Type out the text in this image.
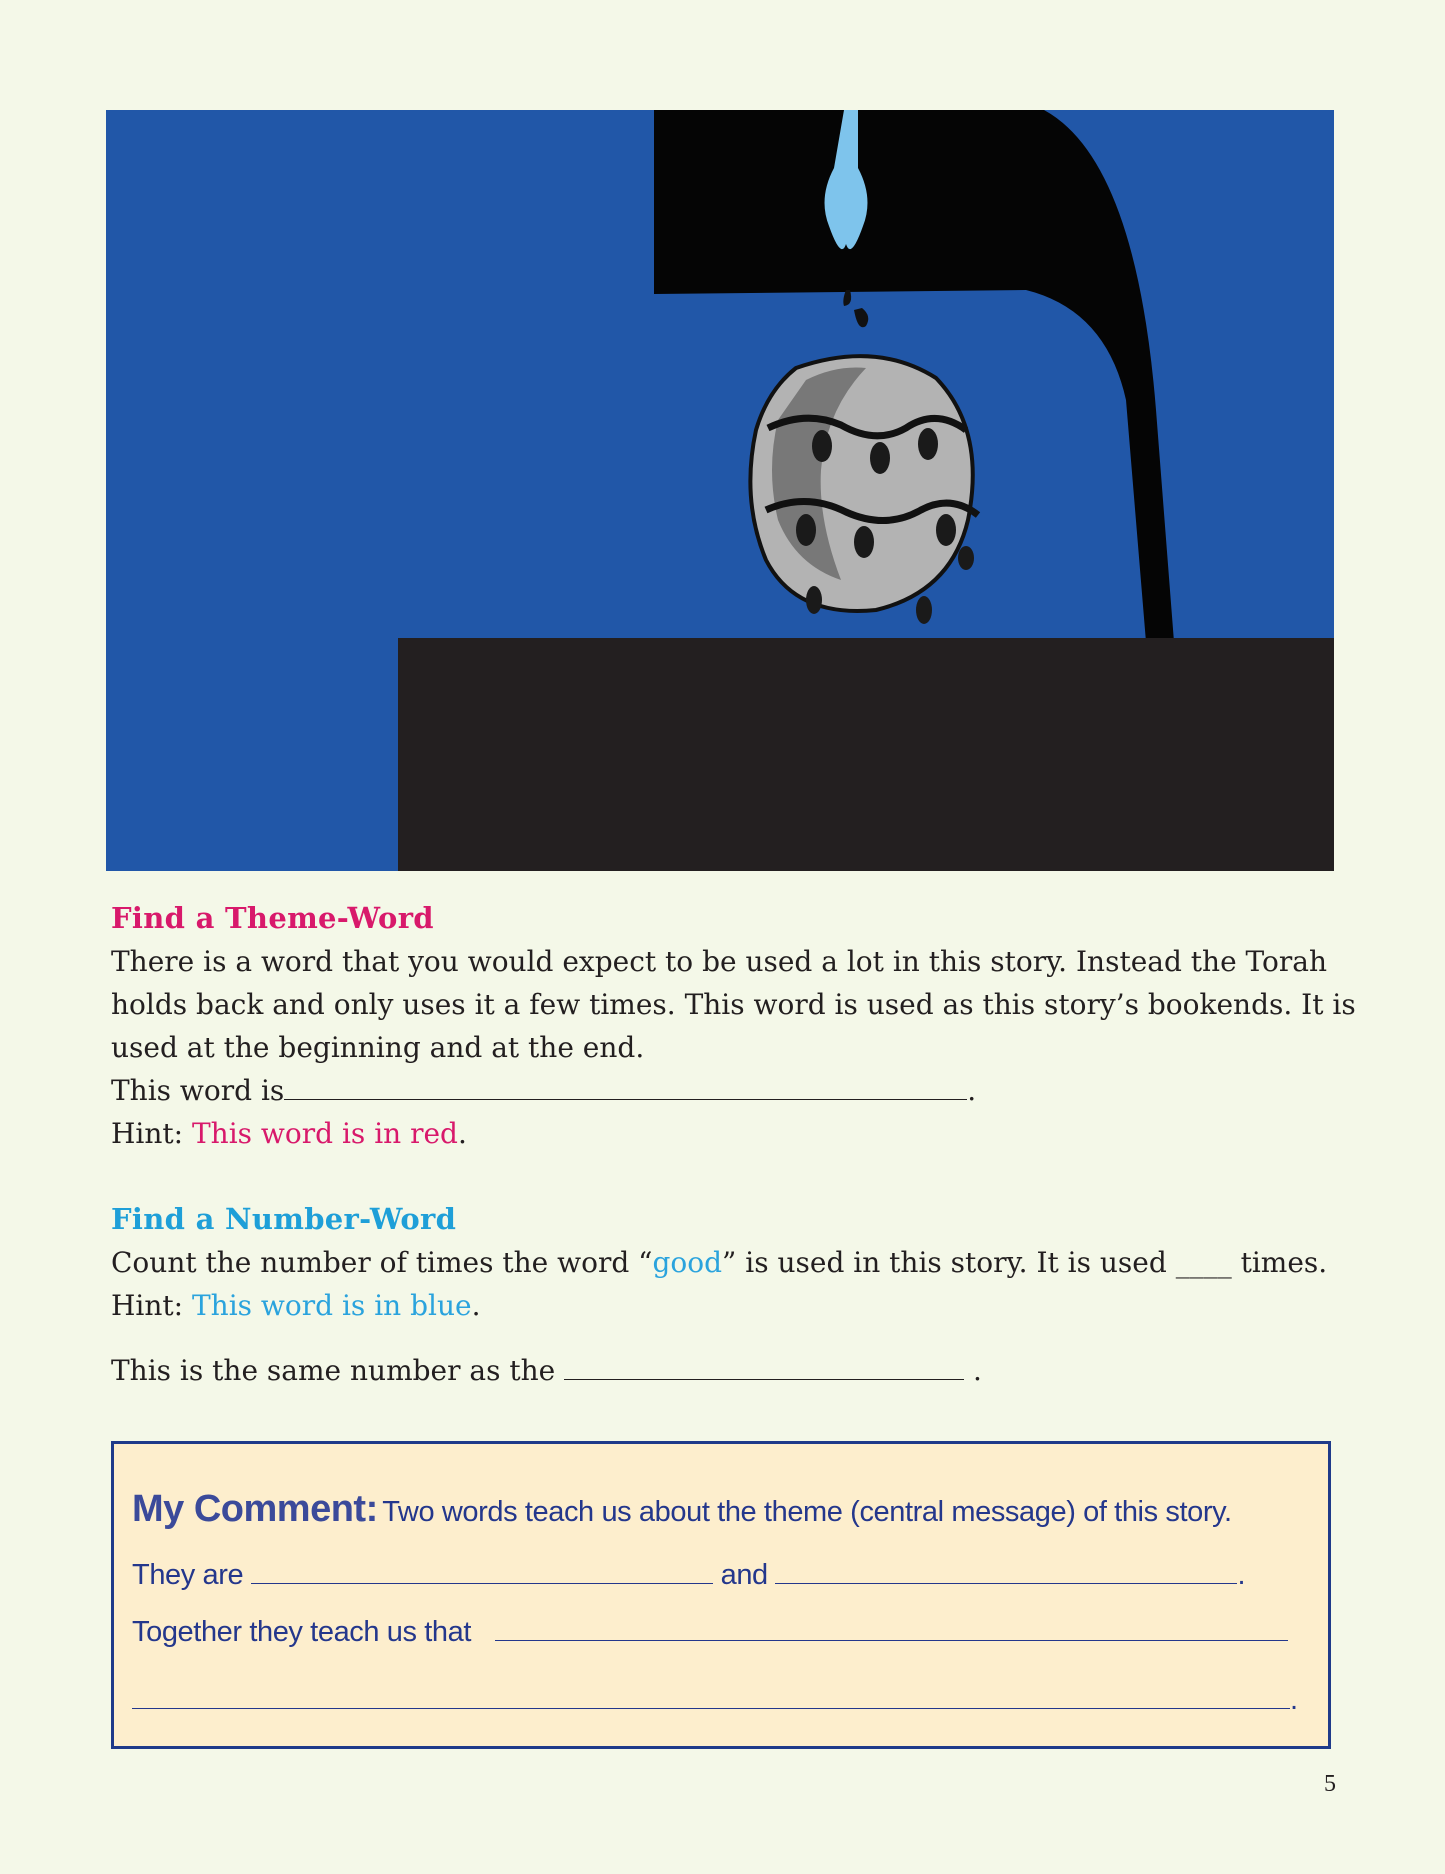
Find a Theme-Word
There is a word that you would expect to be used a lot in this story. Instead the Torah
holds back and only uses it a few times. This word is used as this story’s bookends. It is
used at the beginning and at the end.
This word is	.
Hint: This word is in red.
Find a Number-Word
Count the number of times the word “good” is used in this story. It is used ____ times.
Hint: This word is in blue.
This is the same number as the	.
My Comment: Two words teach us about the theme (central message) of this story.
They are	and	.
Together they teach us that
.
5
